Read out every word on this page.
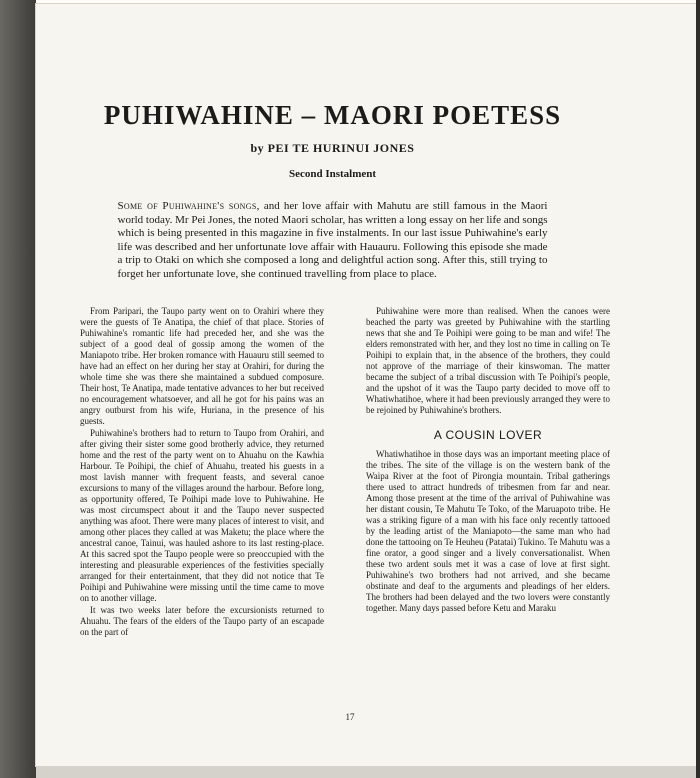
PUHIWAHINE – MAORI POETESS
by PEI TE HURINUI JONES
Second Instalment
Some of Puhiwahine's songs, and her love affair with Mahutu are still famous in the Maori world today. Mr Pei Jones, the noted Maori scholar, has written a long essay on her life and songs which is being presented in this magazine in five instalments. In our last issue Puhiwahine's early life was described and her unfortunate love affair with Hauauru. Following this episode she made a trip to Otaki on which she composed a long and delightful action song. After this, still trying to forget her unfortunate love, she continued travelling from place to place.

From Paripari, the Taupo party went on to Orahiri where they were the guests of Te Anatipa, the chief of that place. Stories of Puhiwahine's romantic life had preceded her, and she was the subject of a good deal of gossip among the women of the Maniapoto tribe. Her broken romance with Hauauru still seemed to have had an effect on her during her stay at Orahiri, for during the whole time she was there she maintained a subdued composure. Their host, Te Anatipa, made tentative advances to her but received no encouragement whatsoever, and all he got for his pains was an angry outburst from his wife, Huriana, in the presence of his guests.

Puhiwahine's brothers had to return to Taupo from Orahiri, and after giving their sister some good brotherly advice, they returned home and the rest of the party went on to Ahuahu on the Kawhia Harbour. Te Poihipi, the chief of Ahuahu, treated his guests in a most lavish manner with frequent feasts, and several canoe excursions to many of the villages around the harbour. Before long, as opportunity offered, Te Poihipi made love to Puhiwahine. He was most circumspect about it and the Taupo never suspected anything was afoot. There were many places of interest to visit, and among other places they called at was Maketu; the place where the ancestral canoe, Tainui, was hauled ashore to its last resting-place. At this sacred spot the Taupo people were so preoccupied with the interesting and pleasurable experiences of the festivities specially arranged for their entertainment, that they did not notice that Te Poihipi and Puhiwahine were missing until the time came to move on to another village.

It was two weeks later before the excursionists returned to Ahuahu. The fears of the elders of the Taupo party of an escapade on the part of

Puhiwahine were more than realised. When the canoes were beached the party was greeted by Puhiwahine with the startling news that she and Te Poihipi were going to be man and wife! The elders remonstrated with her, and they lost no time in calling on Te Poihipi to explain that, in the absence of the brothers, they could not approve of the marriage of their kinswoman. The matter became the subject of a tribal discussion with Te Poihipi's people, and the upshot of it was the Taupo party decided to move off to Whatiwhatihoe, where it had been previously arranged they were to be rejoined by Puhiwahine's brothers.

A COUSIN LOVER

Whatiwhatihoe in those days was an important meeting place of the tribes. The site of the village is on the western bank of the Waipa River at the foot of Pirongia mountain. Tribal gatherings there used to attract hundreds of tribesmen from far and near. Among those present at the time of the arrival of Puhiwahine was her distant cousin, Te Mahutu Te Toko, of the Maruapoto tribe. He was a striking figure of a man with his face only recently tattooed by the leading artist of the Maniapoto—the same man who had done the tattooing on Te Heuheu (Patatai) Tukino. Te Mahutu was a fine orator, a good singer and a lively conversationalist. When these two ardent souls met it was a case of love at first sight. Puhiwahine's two brothers had not arrived, and she became obstinate and deaf to the arguments and pleadings of her elders. The brothers had been delayed and the two lovers were constantly together. Many days passed before Ketu and Maraku

17
